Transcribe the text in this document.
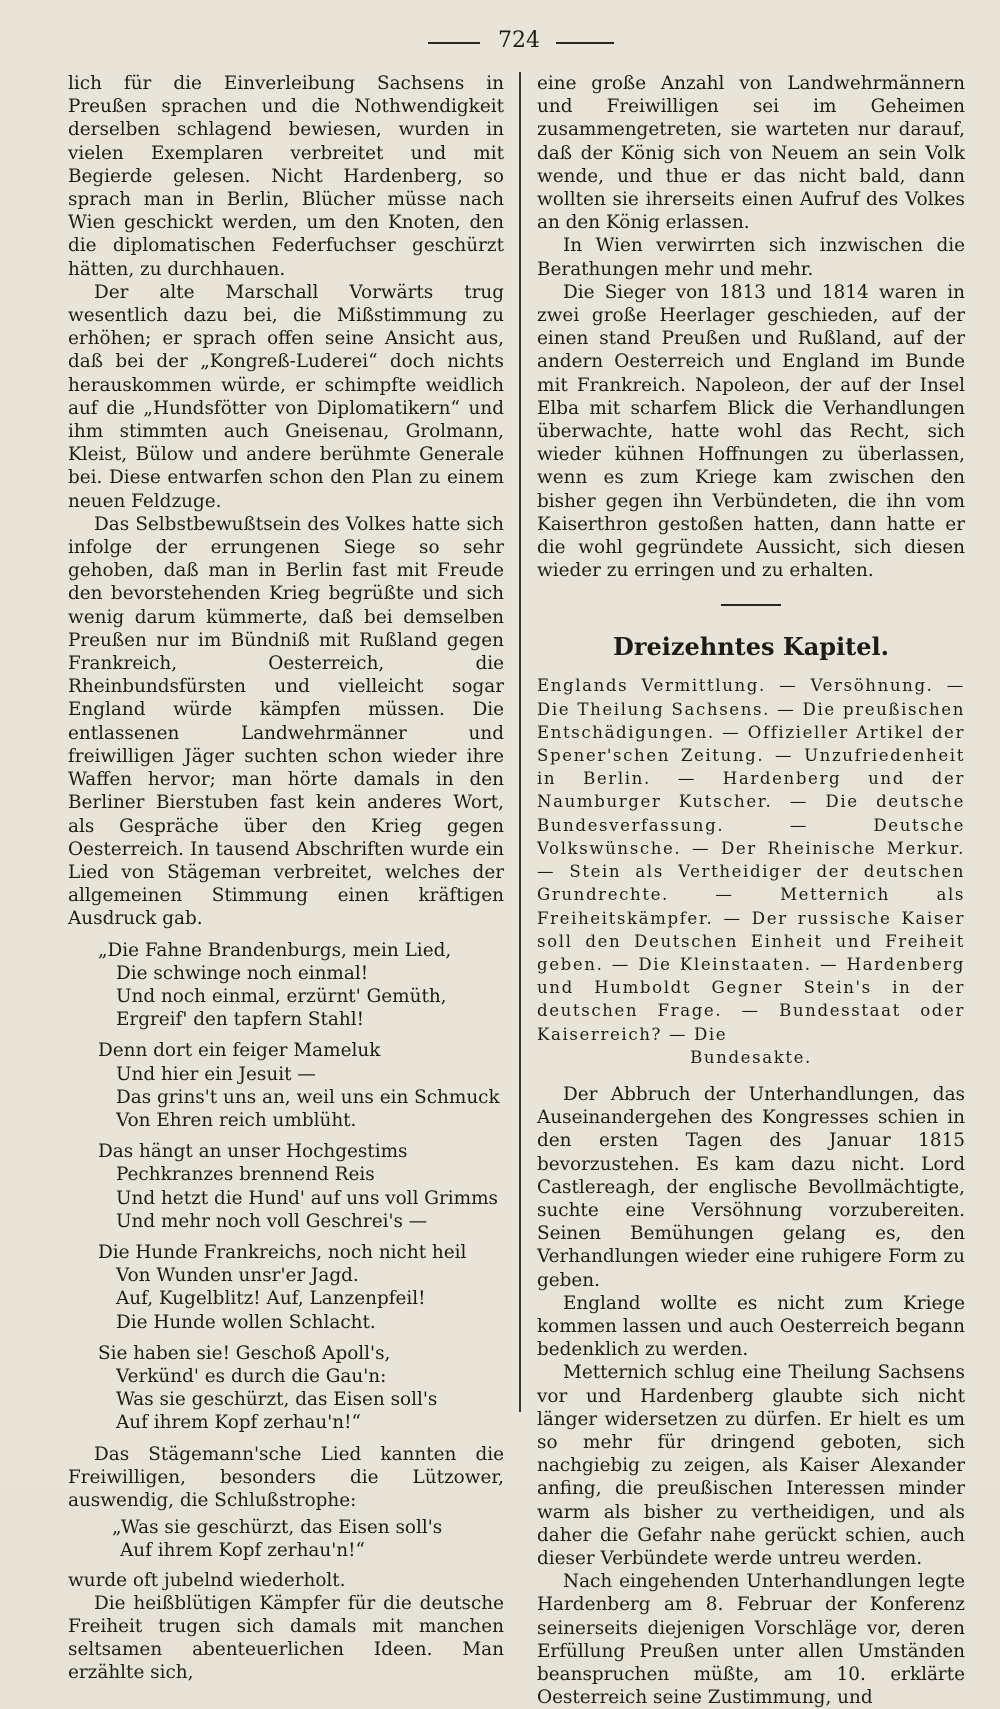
724

lich für die Einverleibung Sachsens in Preußen sprachen und die Nothwendigkeit derselben schlagend bewiesen, wurden in vielen Exemplaren verbreitet und mit Begierde gelesen. Nicht Hardenberg, so sprach man in Berlin, Blücher müsse nach Wien geschickt werden, um den Knoten, den die diplomatischen Federfuchser geschürzt hätten, zu durchhauen.

Der alte Marschall Vorwärts trug wesentlich dazu bei, die Mißstimmung zu erhöhen; er sprach offen seine Ansicht aus, daß bei der „Kongreß-Luderei“ doch nichts herauskommen würde, er schimpfte weidlich auf die „Hundsfötter von Diplomatikern“ und ihm stimmten auch Gneisenau, Grolmann, Kleist, Bülow und andere berühmte Generale bei. Diese entwarfen schon den Plan zu einem neuen Feldzuge.

Das Selbstbewußtsein des Volkes hatte sich infolge der errungenen Siege so sehr gehoben, daß man in Berlin fast mit Freude den bevorstehenden Krieg begrüßte und sich wenig darum kümmerte, daß bei demselben Preußen nur im Bündniß mit Rußland gegen Frankreich, Oesterreich, die Rheinbundsfürsten und vielleicht sogar England würde kämpfen müssen. Die entlassenen Landwehrmänner und freiwilligen Jäger suchten schon wieder ihre Waffen hervor; man hörte damals in den Berliner Bierstuben fast kein anderes Wort, als Gespräche über den Krieg gegen Oesterreich. In tausend Abschriften wurde ein Lied von Stägeman verbreitet, welches der allgemeinen Stimmung einen kräftigen Ausdruck gab.

„Die Fahne Brandenburgs, mein Lied,
Die schwinge noch einmal!
Und noch einmal, erzürnt' Gemüth,
Ergreif' den tapfern Stahl!
Denn dort ein feiger Mameluk
Und hier ein Jesuit —
Das grins't uns an, weil uns ein Schmuck
Von Ehren reich umblüht.
Das hängt an unser Hochgestims
Pechkranzes brennend Reis
Und hetzt die Hund' auf uns voll Grimms
Und mehr noch voll Geschrei's —
Die Hunde Frankreichs, noch nicht heil
Von Wunden unsr'er Jagd.
Auf, Kugelblitz! Auf, Lanzenpfeil!
Die Hunde wollen Schlacht.
Sie haben sie! Geschoß Apoll's,
Verkünd' es durch die Gau'n:
Was sie geschürzt, das Eisen soll's
Auf ihrem Kopf zerhau'n!“

Das Stägemann'sche Lied kannten die Freiwilligen, besonders die Lützower, auswendig, die Schlußstrophe:

„Was sie geschürzt, das Eisen soll's
Auf ihrem Kopf zerhau'n!“

wurde oft jubelnd wiederholt.

Die heißblütigen Kämpfer für die deutsche Freiheit trugen sich damals mit manchen seltsamen abenteuerlichen Ideen. Man erzählte sich,

eine große Anzahl von Landwehrmännern und Freiwilligen sei im Geheimen zusammengetreten, sie warteten nur darauf, daß der König sich von Neuem an sein Volk wende, und thue er das nicht bald, dann wollten sie ihrerseits einen Aufruf des Volkes an den König erlassen.

In Wien verwirrten sich inzwischen die Berathungen mehr und mehr.

Die Sieger von 1813 und 1814 waren in zwei große Heerlager geschieden, auf der einen stand Preußen und Rußland, auf der andern Oesterreich und England im Bunde mit Frankreich. Napoleon, der auf der Insel Elba mit scharfem Blick die Verhandlungen überwachte, hatte wohl das Recht, sich wieder kühnen Hoffnungen zu überlassen, wenn es zum Kriege kam zwischen den bisher gegen ihn Verbündeten, die ihn vom Kaiserthron gestoßen hatten, dann hatte er die wohl gegründete Aussicht, sich diesen wieder zu erringen und zu erhalten.

Dreizehntes Kapitel.
Englands Vermittlung. — Versöhnung. — Die Theilung Sachsens. — Die preußischen Entschädigungen. — Offizieller Artikel der Spener'schen Zeitung. — Unzufriedenheit in Berlin. — Hardenberg und der Naumburger Kutscher. — Die deutsche Bundesverfassung. — Deutsche Volkswünsche. — Der Rheinische Merkur. — Stein als Vertheidiger der deutschen Grundrechte. — Metternich als Freiheitskämpfer. — Der russische Kaiser soll den Deutschen Einheit und Freiheit geben. — Die Kleinstaaten. — Hardenberg und Humboldt Gegner Stein's in der deutschen Frage. — Bundesstaat oder Kaiserreich? — Die
Bundesakte.

Der Abbruch der Unterhandlungen, das Auseinandergehen des Kongresses schien in den ersten Tagen des Januar 1815 bevorzustehen. Es kam dazu nicht. Lord Castlereagh, der englische Bevollmächtigte, suchte eine Versöhnung vorzubereiten. Seinen Bemühungen gelang es, den Verhandlungen wieder eine ruhigere Form zu geben.

England wollte es nicht zum Kriege kommen lassen und auch Oesterreich begann bedenklich zu werden.

Metternich schlug eine Theilung Sachsens vor und Hardenberg glaubte sich nicht länger widersetzen zu dürfen. Er hielt es um so mehr für dringend geboten, sich nachgiebig zu zeigen, als Kaiser Alexander anfing, die preußischen Interessen minder warm als bisher zu vertheidigen, und als daher die Gefahr nahe gerückt schien, auch dieser Verbündete werde untreu werden.

Nach eingehenden Unterhandlungen legte Hardenberg am 8. Februar der Konferenz seinerseits diejenigen Vorschläge vor, deren Erfüllung Preußen unter allen Umständen beanspruchen müßte, am 10. erklärte Oesterreich seine Zustimmung, und
